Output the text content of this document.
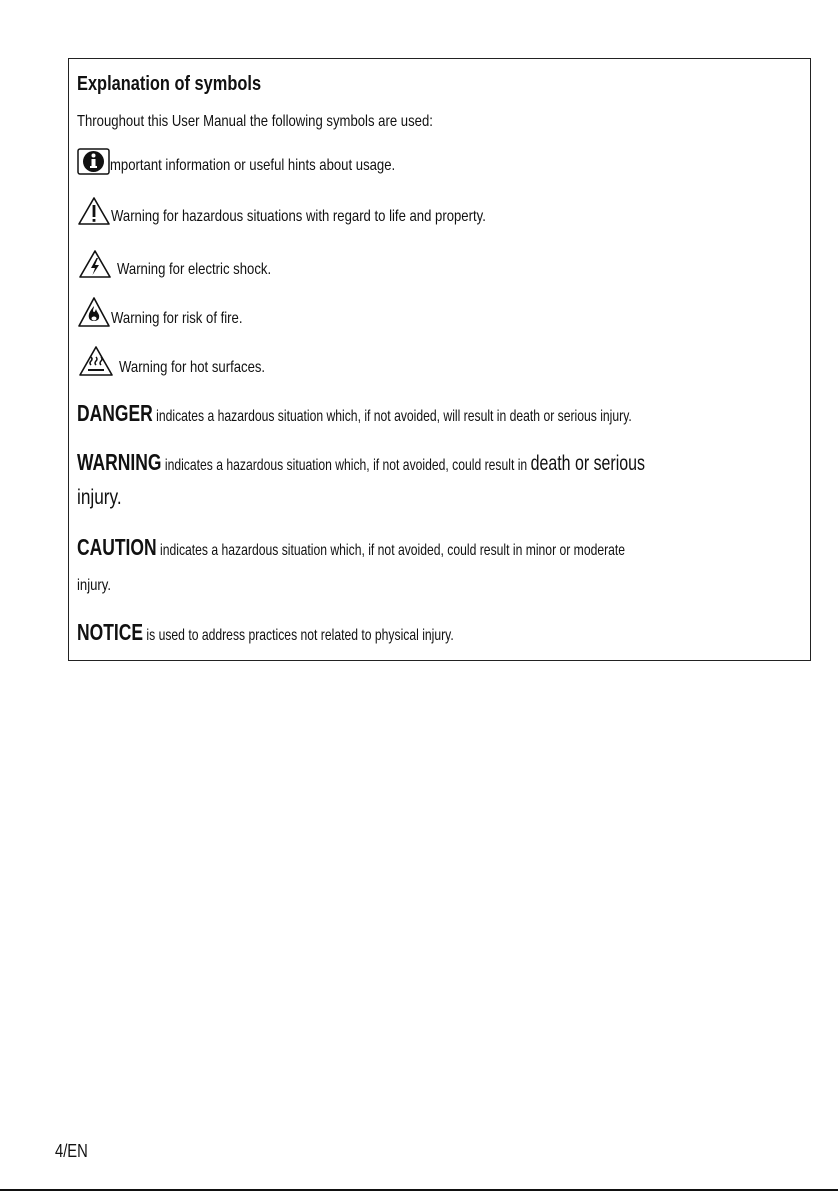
Explanation of symbols
Throughout this User Manual the following symbols are used:
mportant information or useful hints about usage.
Warning for hazardous situations with regard to life and property.
Warning for electric shock.
Warning for risk of fire.
Warning for hot surfaces.
DANGER indicates a hazardous situation which, if not avoided, will result in death or serious injury.
WARNING indicates a hazardous situation which, if not avoided, could result in death or serious
injury.
CAUTION indicates a hazardous situation which, if not avoided, could result in minor or moderate
injury.
NOTICE is used to address practices not related to physical injury.
4/EN
